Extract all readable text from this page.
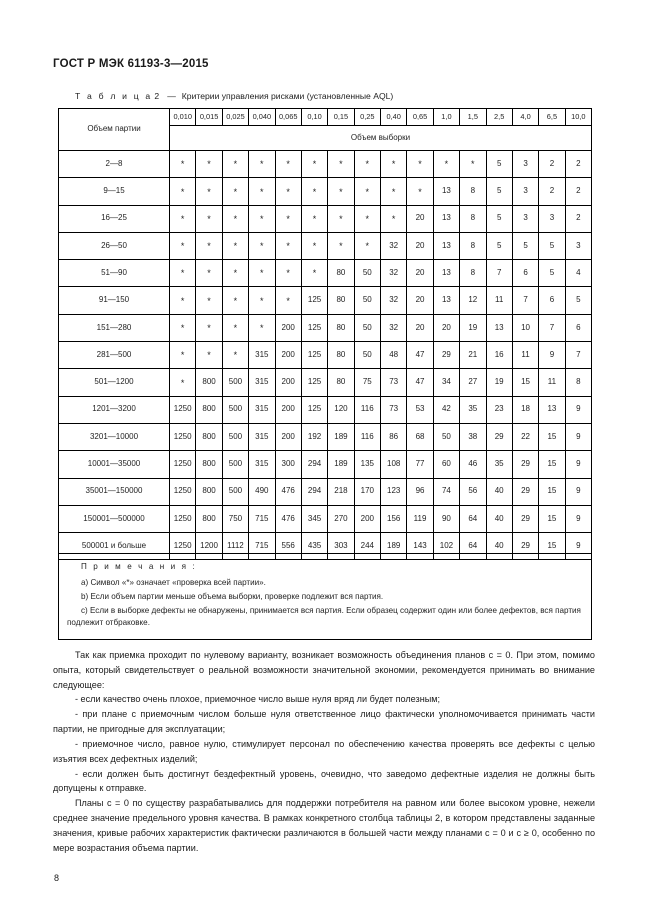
ГОСТ Р МЭК 61193-3—2015
Т а б л и ц а 2 — Критерии управления рисками (установленные AQL)
Объем партии	0,010	0,015	0,025	0,040	0,065	0,10	0,15	0,25	0,40	0,65	1,0	1,5	2,5	4,0	6,5	10,0
	Объем выборки															
2—8	*	*	*	*	*	*	*	*	*	*	*	*	5	3	2	2
9—15	*	*	*	*	*	*	*	*	*	*	13	8	5	3	2	2
16—25	*	*	*	*	*	*	*	*	*	20	13	8	5	3	3	2
26—50	*	*	*	*	*	*	*	*	32	20	13	8	5	5	5	3
51—90	*	*	*	*	*	*	80	50	32	20	13	8	7	6	5	4
91—150	*	*	*	*	*	125	80	50	32	20	13	12	11	7	6	5
151—280	*	*	*	*	200	125	80	50	32	20	20	19	13	10	7	6
281—500	*	*	*	315	200	125	80	50	48	47	29	21	16	11	9	7
501—1200	*	800	500	315	200	125	80	75	73	47	34	27	19	15	11	8
1201—3200	1250	800	500	315	200	125	120	116	73	53	42	35	23	18	13	9
3201—10000	1250	800	500	315	200	192	189	116	86	68	50	38	29	22	15	9
10001—35000	1250	800	500	315	300	294	189	135	108	77	60	46	35	29	15	9
35001—150000	1250	800	500	490	476	294	218	170	123	96	74	56	40	29	15	9
150001—500000	1250	800	750	715	476	345	270	200	156	119	90	64	40	29	15	9
500001 и больше	1250	1200	1112	715	556	435	303	244	189	143	102	64	40	29	15	9
П р и м е ч а н и я :

a) Символ «*» означает «проверка всей партии».

b) Если объем партии меньше объема выборки, проверке подлежит вся партия.

c) Если в выборке дефекты не обнаружены, принимается вся партия. Если образец содержит один или более дефектов, вся партия подлежит отбраковке.

Так как приемка проходит по нулевому варианту, возникает возможность объединения планов c = 0. При этом, помимо опыта, который свидетельствует о реальной возможности значительной экономии, рекомендуется принимать во внимание следующее:

- если качество очень плохое, приемочное число выше нуля вряд ли будет полезным;

- при плане с приемочным числом больше нуля ответственное лицо фактически уполномочивается принимать части партии, не пригодные для эксплуатации;

- приемочное число, равное нулю, стимулирует персонал по обеспечению качества проверять все дефекты с целью изъятия всех дефектных изделий;

- если должен быть достигнут бездефектный уровень, очевидно, что заведомо дефектные изделия не должны быть допущены к отправке.

Планы c = 0 по существу разрабатывались для поддержки потребителя на равном или более высоком уровне, нежели среднее значение предельного уровня качества. В рамках конкретного столбца таблицы 2, в котором представлены заданные значения, кривые рабочих характеристик фактически различаются в большей части между планами c = 0 и c ≥ 0, особенно по мере возрастания объема партии.

8
